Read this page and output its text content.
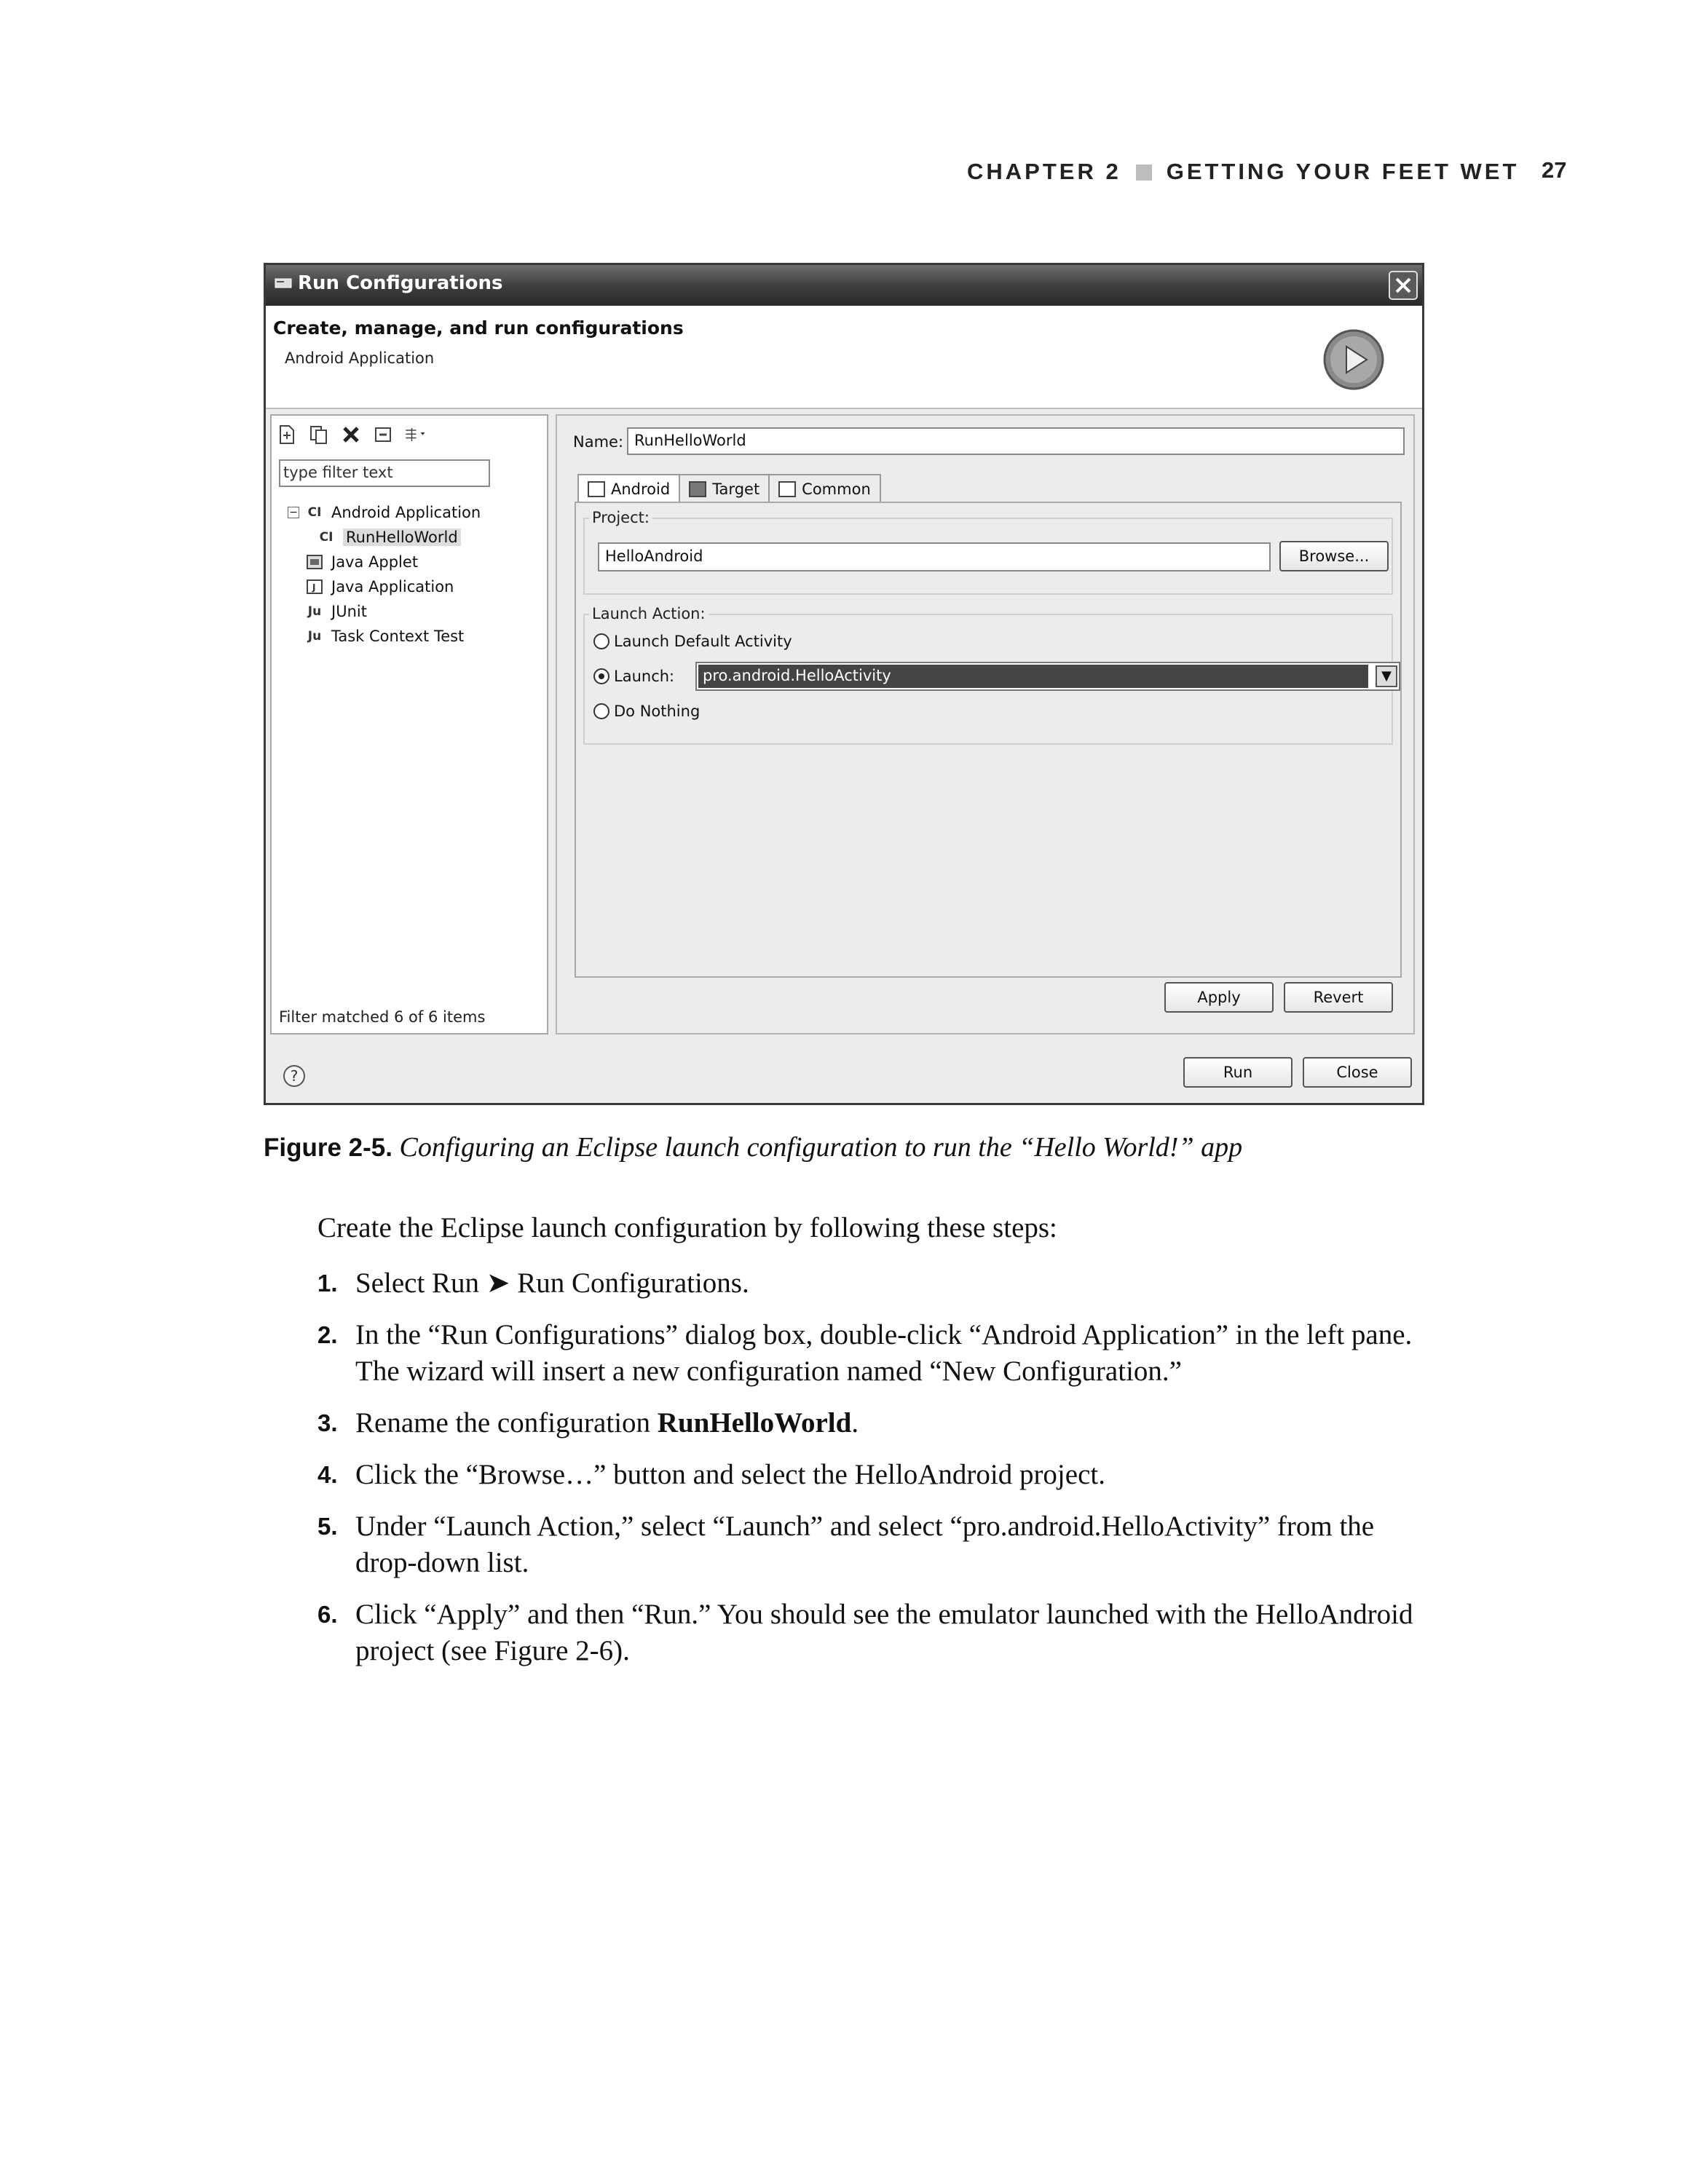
CHAPTER 2 GETTING YOUR FEET WET 27
Run Configurations
Create, manage, and run configurations
Android Application
type filter text
− CI Android Application
CI RunHelloWorld
Java Applet
J Java Application
Ju JUnit
Ju Task Context Test
Filter matched 6 of 6 items
Name: RunHelloWorld
Android	Target	Common
Project:
HelloAndroid	Browse...
Launch Action:
Launch Default Activity
Launch: pro.android.HelloActivity	▼
Do Nothing
Apply	Revert
?	Run	Close
Figure 2-5. Configuring an Eclipse launch configuration to run the “Hello World!” app
Create the Eclipse launch configuration by following these steps:
1. Select Run ➤ Run Configurations.
2. In the “Run Configurations” dialog box, double-click “Android Application” in the left pane. The wizard will insert a new configuration named “New Configuration.”
3. Rename the configuration RunHelloWorld.
4. Click the “Browse…” button and select the HelloAndroid project.
5. Under “Launch Action,” select “Launch” and select “pro.android.HelloActivity” from the drop-down list.
6. Click “Apply” and then “Run.” You should see the emulator launched with the HelloAndroid project (see Figure 2-6).
